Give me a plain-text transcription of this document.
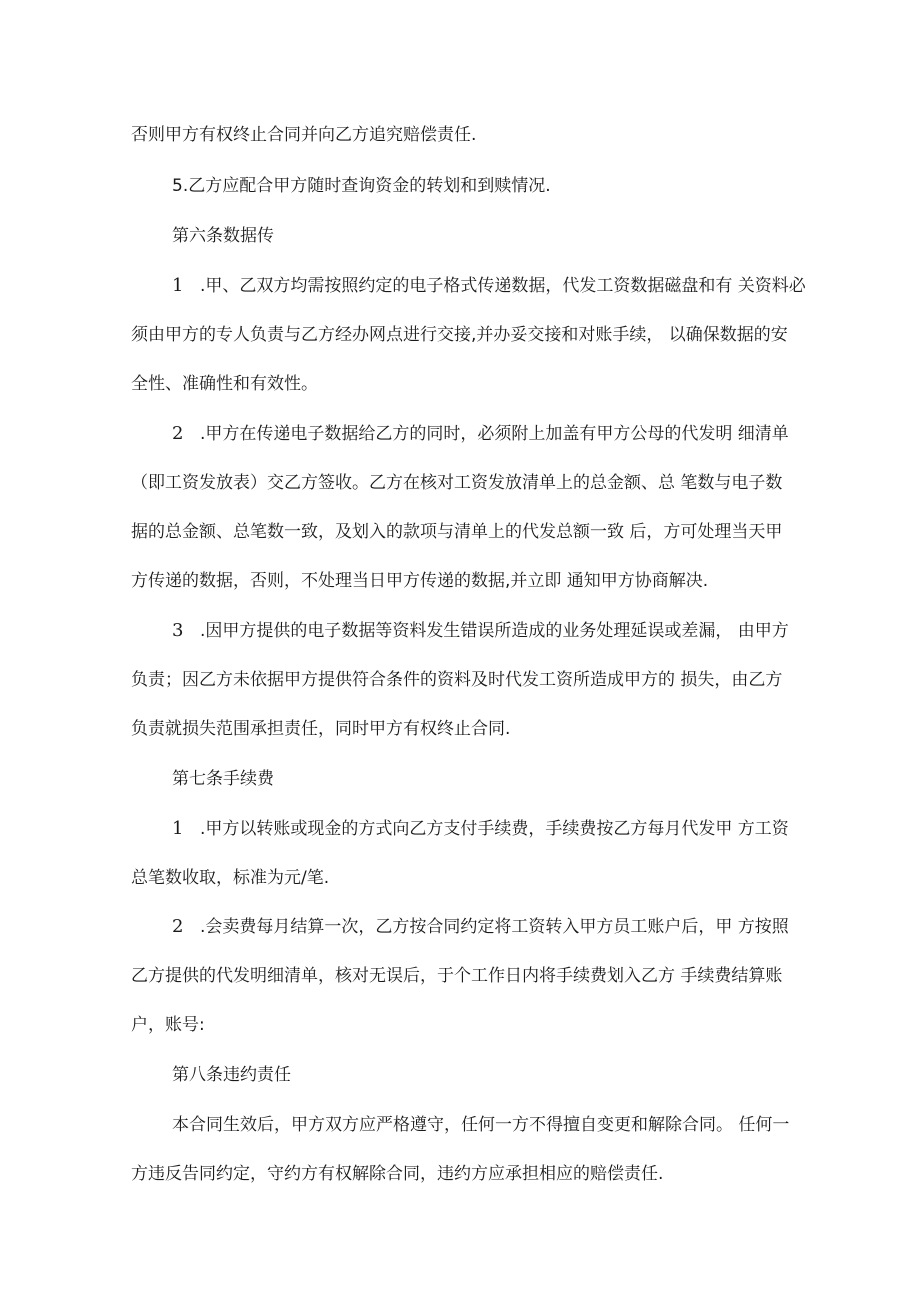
否则甲方有权终止合同并向乙方追究赔偿责任.
5.乙方应配合甲方随时查询资金的转划和到赎情况.
第六条数据传
1 .甲、乙双方均需按照约定的电子格式传递数据，代发工资数据磁盘和有 关资料必
须由甲方的专人负责与乙方经办网点进行交接,并办妥交接和对账手续， 以确保数据的安
全性、准确性和有效性。
2 .甲方在传递电子数据给乙方的同时，必须附上加盖有甲方公母的代发明 细清单
（即工资发放表）交乙方签收。乙方在核对工资发放清单上的总金额、总 笔数与电子数
据的总金额、总笔数一致，及划入的款项与清单上的代发总额一致 后，方可处理当天甲
方传递的数据，否则，不处理当日甲方传递的数据,并立即 通知甲方协商解决.
3 .因甲方提供的电子数据等资料发生错误所造成的业务处理延误或差漏， 由甲方
负责；因乙方未依据甲方提供符合条件的资料及时代发工资所造成甲方的 损失，由乙方
负责就损失范围承担责任，同时甲方有权终止合同.
第七条手续费
1 .甲方以转账或现金的方式向乙方支付手续费，手续费按乙方每月代发甲 方工资
总笔数收取，标准为元/笔.
2 .会卖费每月结算一次，乙方按合同约定将工资转入甲方员工账户后，甲 方按照
乙方提供的代发明细清单，核对无误后，于个工作日内将手续费划入乙方 手续费结算账
户，账号:
第八条违约责任
本合同生效后，甲方双方应严格遵守，任何一方不得擅自变更和解除合同。 任何一
方违反告同约定，守约方有权解除合同，违约方应承担相应的赔偿责任.
